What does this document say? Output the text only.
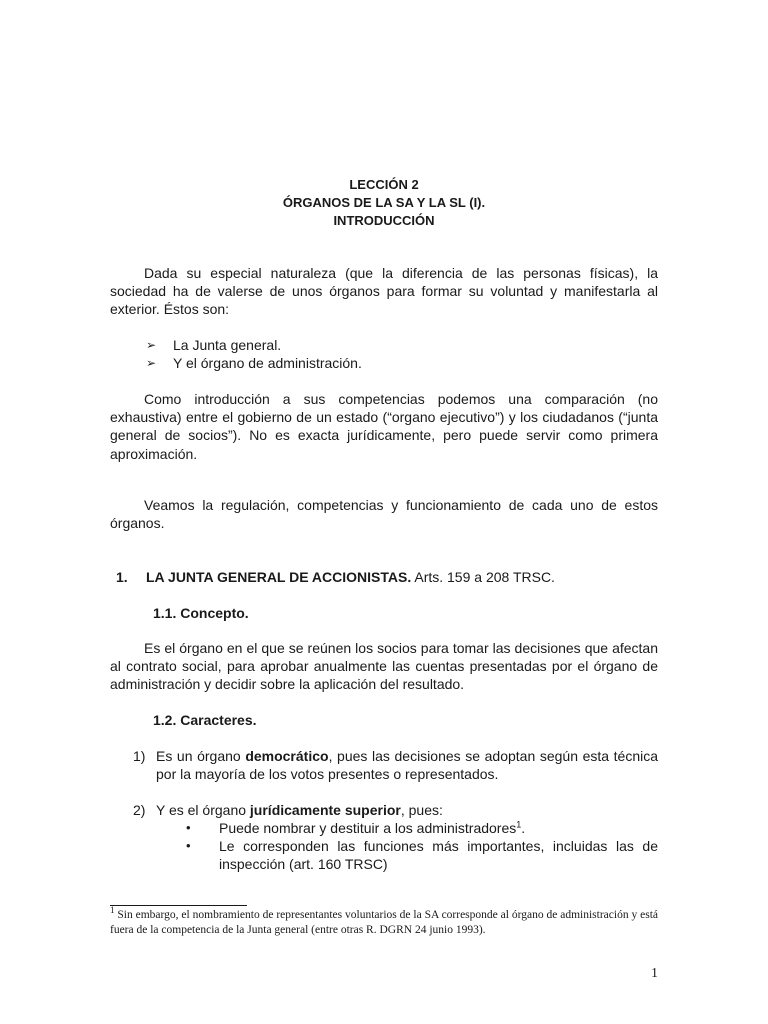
LECCIÓN 2
ÓRGANOS DE LA SA Y LA SL (I).
INTRODUCCIÓN

Dada su especial naturaleza (que la diferencia de las personas físicas), la sociedad ha de valerse de unos órganos para formar su voluntad y manifestarla al exterior. Éstos son:

➢ La Junta general.
➢ Y el órgano de administración.

Como introducción a sus competencias podemos una comparación (no exhaustiva) entre el gobierno de un estado (“organo ejecutivo”) y los ciudadanos (“junta general de socios”). No es exacta jurídicamente, pero puede servir como primera aproximación.

Veamos la regulación, competencias y funcionamiento de cada uno de estos órganos.

1. LA JUNTA GENERAL DE ACCIONISTAS. Arts. 159 a 208 TRSC.
1.1. Concepto.

Es el órgano en el que se reúnen los socios para tomar las decisiones que afectan al contrato social, para aprobar anualmente las cuentas presentadas por el órgano de administración y decidir sobre la aplicación del resultado.

1.2. Caracteres.
1) Es un órgano democrático, pues las decisiones se adoptan según esta técnica por la mayoría de los votos presentes o representados.
2) Y es el órgano jurídicamente superior, pues:
• Puede nombrar y destituir a los administradores$^1$.
• Le corresponden las funciones más importantes, incluidas las de inspección (art. 160 TRSC)
$^1$ Sin embargo, el nombramiento de representantes voluntarios de la SA corresponde al órgano de administración y está fuera de la competencia de la Junta general (entre otras R. DGRN 24 junio 1993).
1
